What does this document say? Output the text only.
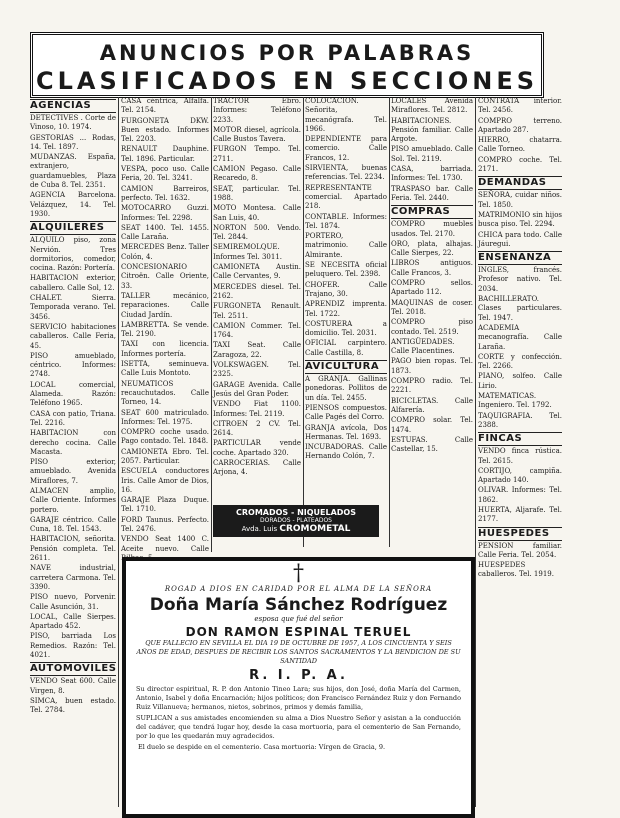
ANUNCIOS POR PALABRAS
CLASIFICADOS EN SECCIONES
AGENCIAS

DETECTIVES . Corte de Vinoso, 10. 1974.

GESTORIAS ... Rodas, 14. Tel. 1897.

MUDANZAS. España, extranjero, guardamuebles, Plaza de Cuba 8. Tel. 2351.

AGENCIA Barcelona. Velázquez, 14. Tel. 1930.

ALQUILERES

ALQUILO piso, zona Nervión. Tres dormitorios, comedor, cocina. Razón: Portería.

HABITACION exterior, caballero. Calle Sol, 12.

CHALET. Sierra. Temporada verano. Tel. 3456.

SERVICIO habitaciones caballeros. Calle Feria, 45.

PISO amueblado, céntrico. Informes: 2748.

LOCAL comercial, Alameda. Razón: Teléfono 1965.

CASA con patio, Triana. Tel. 2216.

HABITACION con derecho cocina. Calle Macasta.

PISO exterior, amueblado. Avenida Miraflores, 7.

ALMACEN amplio, Calle Oriente. Informes portero.

GARAJE céntrico. Calle Cuna, 18. Tel. 1543.

HABITACION, señorita. Pensión completa. Tel. 2611.

NAVE industrial, carretera Carmona. Tel. 3390.

PISO nuevo, Porvenir. Calle Asunción, 31.

LOCAL, Calle Sierpes. Apartado 452.

PISO, barriada Los Remedios. Razón: Tel. 4021.

AUTOMOVILES

VENDO Seat 600. Calle Virgen, 8.

SIMCA, buen estado. Tel. 2784.

CASA céntrica, Alfalfa. Tel. 2154.

FURGONETA DKW. Buen estado. Informes Tel. 2203.

RENAULT Dauphine. Tel. 1896. Particular.

VESPA, poco uso. Calle Feria, 20. Tel. 3241.

CAMION Barreiros, perfecto. Tel. 1632.

MOTOCARRO Guzzi. Informes: Tel. 2298.

SEAT 1400. Tel. 1455. Calle Laraña.

MERCEDES Benz. Taller Colón, 4.

CONCESIONARIO Citroën. Calle Oriente, 33.

TALLER mecánico, reparaciones. Calle Ciudad Jardín.

LAMBRETTA. Se vende. Tel. 2190.

TAXI con licencia. Informes portería.

ISETTA, seminueva. Calle Luis Montoto.

NEUMATICOS recauchutados. Calle Torneo, 14.

SEAT 600 matriculado. Informes: Tel. 1975.

COMPRO coche usado. Pago contado. Tel. 1848.

CAMIONETA Ebro. Tel. 2057. Particular.

ESCUELA conductores Iris. Calle Amor de Dios, 16.

GARAJE Plaza Duque. Tel. 1710.

FORD Taunus. Perfecto. Tel. 2476.

VENDO Seat 1400 C. Aceite nuevo. Calle

TRACTOR Ebro. Informes: Teléfono 2233.

MOTOR diesel, agrícola. Calle Bustos Tavera.

FURGON Tempo. Tel. 2711.

CAMION Pegaso. Calle Recaredo, 8.

SEAT, particular. Tel. 1988.

MOTO Montesa. Calle San Luis, 40.

NORTON 500. Vendo. Tel. 2844.

SEMIREMOLQUE. Informes Tel. 3011.

CAMIONETA Austin. Calle Cervantes, 9.

MERCEDES diesel. Tel. 2162.

FURGONETA Renault. Tel. 2511.

CAMION Commer. Tel. 1764.

TAXI Seat. Calle Zaragoza, 22.

VOLKSWAGEN. Tel. 2325.

GARAGE Avenida. Calle Jesús del Gran Poder.

VENDO Fiat 1100. Informes: Tel. 2119.

CITROEN 2 CV. Tel. 2614.

PARTICULAR vende coche. Apartado 320.

CARROCERIAS. Calle Arjona, 4.

COLOCACION. Señorita, mecanógrafa. Tel. 1966.

DEPENDIENTE para comercio. Calle Francos, 12.

SIRVIENTA, buenas referencias. Tel. 2234.

REPRESENTANTE comercial. Apartado 218.

CONTABLE. Informes: Tel. 1874.

PORTERO, matrimonio. Calle Almirante.

SE NECESITA oficial peluquero. Tel. 2398.

CHOFER. Calle Trajano, 30.

APRENDIZ imprenta. Tel. 1722.

COSTURERA a domicilio. Tel. 2031.

OFICIAL carpintero. Calle Castilla, 8.

AVICULTURA

A GRANJA. Gallinas ponedoras. Pollitos de un día. Tel. 2455.

PIENSOS compuestos. Calle Pagés del Corro.

GRANJA avícola, Dos Hermanas. Tel. 1693.

INCUBADORAS. Calle Hernando Colón, 7.

LOCALES Avenida Miraflores. Tel. 2812.

HABITACIONES. Pensión familiar. Calle Argote.

PISO amueblado. Calle Sol. Tel. 2119.

CASA, barriada. Informes: Tel. 1730.

TRASPASO bar. Calle Feria. Tel. 2440.

COMPRAS

COMPRO muebles usados. Tel. 2170.

ORO, plata, alhajas. Calle Sierpes, 22.

LIBROS antiguos. Calle Francos, 3.

COMPRO sellos. Apartado 112.

MAQUINAS de coser. Tel. 2018.

COMPRO piso contado. Tel. 2519.

ANTIGÜEDADES. Calle Placentines.

PAGO bien ropas. Tel. 1873.

COMPRO radio. Tel. 2221.

BICICLETAS. Calle Alfarería.

COMPRO solar. Tel. 1474.

ESTUFAS. Calle Castellar, 15.

CONTRATA interior. Tel. 2456.

COMPRO terreno. Apartado 287.

HIERRO, chatarra. Calle Torneo.

COMPRO coche. Tel. 2171.

DEMANDAS

SEÑORA, cuidar niños. Tel. 1850.

MATRIMONIO sin hijos busca piso. Tel. 2294.

CHICA para todo. Calle Jáuregui.

ENSEÑANZA

INGLES, francés. Profesor nativo. Tel. 2034.

BACHILLERATO. Clases particulares. Tel. 1947.

ACADEMIA mecanografía. Calle Laraña.

CORTE y confección. Tel. 2266.

PIANO, solfeo. Calle Lirio.

MATEMATICAS. Ingeniero. Tel. 1792.

TAQUIGRAFIA. Tel. 2388.

FINCAS

VENDO finca rústica. Tel. 2615.

CORTIJO, campiña. Apartado 140.

OLIVAR. Informes: Tel. 1862.

HUERTA, Aljarafe. Tel. 2177.

HUESPEDES

PENSION familiar. Calle Feria. Tel. 2054.

HUESPEDES caballeros. Tel. 1919.

CROMADOS - NIQUELADOS
DORADOS - PLATEADOS
Avda. Luis CROMOMETAL
†
ROGAD A DIOS EN CARIDAD POR EL ALMA DE LA SEÑORA
Doña María Sánchez Rodríguez
esposa que fué del señor
DON RAMON ESPINAL TERUEL
QUE FALLECIO EN SEVILLA EL DIA 19 DE OCTUBRE DE 1957, A LOS CINCUENTA Y SEIS AÑOS DE EDAD, DESPUES DE RECIBIR LOS SANTOS SACRAMENTOS Y LA BENDICION DE SU SANTIDAD
R. I. P. A.
Su director espiritual, R. P. don Antonio Tineo Lara; sus hijos, don José, doña María del Carmen, Antonio, Isabel y doña Encarnación; hijos políticos; don Francisco Fernández Ruiz y don Fernando Ruiz Villanueva; hermanos, nietos, sobrinos, primos y demás familia,
SUPLICAN a sus amistades encomienden su alma a Dios Nuestro Señor y asistan a la conducción del cadáver, que tendrá lugar hoy, desde la casa mortuoria, para el cementerio de San Fernando, por lo que les quedarán muy agradecidos.
El duelo se despide en el cementerio. Casa mortuoria: Vírgen de Gracia, 9.
